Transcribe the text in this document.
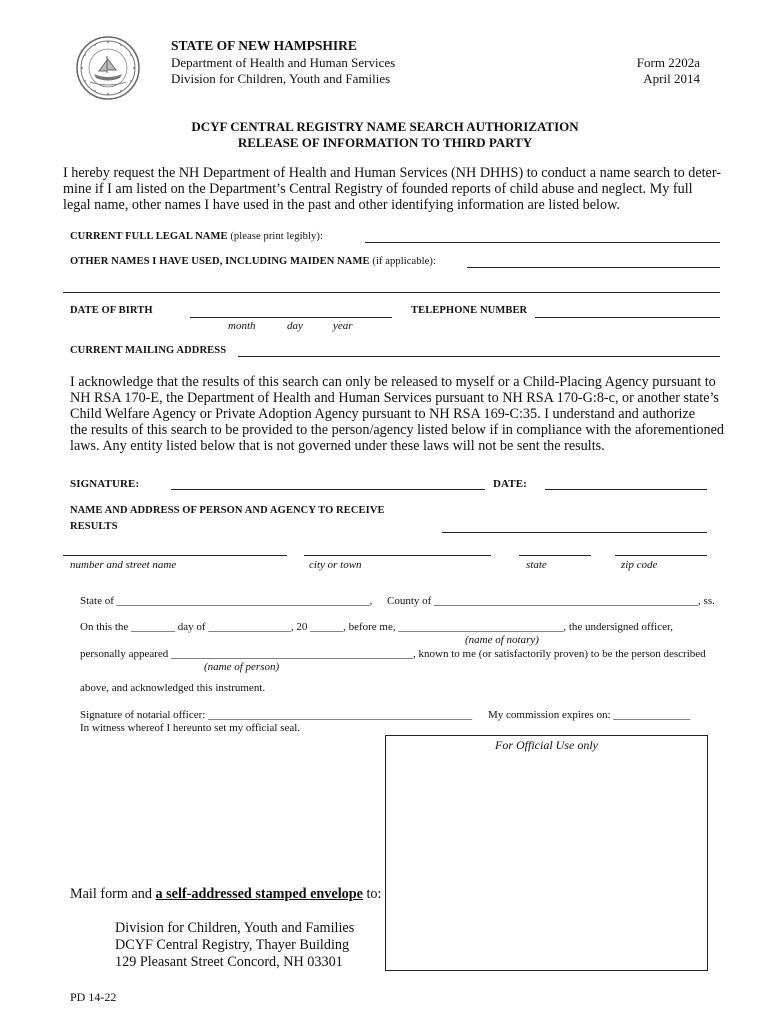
STATE OF NEW HAMPSHIRE
Department of Health and Human Services
Division for Children, Youth and Families
Form 2202a
April 2014
DCYF CENTRAL REGISTRY NAME SEARCH AUTHORIZATION
RELEASE OF INFORMATION TO THIRD PARTY
I hereby request the NH Department of Health and Human Services (NH DHHS) to conduct a name search to deter-
mine if I am listed on the Department’s Central Registry of founded reports of child abuse and neglect. My full
legal name, other names I have used in the past and other identifying information are listed below.
CURRENT FULL LEGAL NAME (please print legibly):
OTHER NAMES I HAVE USED, INCLUDING MAIDEN NAME (if applicable):
DATE OF BIRTH
month	day	year
TELEPHONE NUMBER
CURRENT MAILING ADDRESS
I acknowledge that the results of this search can only be released to myself or a Child-Placing Agency pursuant to
NH RSA 170-E, the Department of Health and Human Services pursuant to NH RSA 170-G:8-c, or another state’s
Child Welfare Agency or Private Adoption Agency pursuant to NH RSA 169-C:35. I understand and authorize
the results of this search to be provided to the person/agency listed below if in compliance with the aforementioned
laws. Any entity listed below that is not governed under these laws will not be sent the results.
SIGNATURE:	DATE:
NAME AND ADDRESS OF PERSON AND AGENCY TO RECEIVE
RESULTS
number and street name	city or town	state	zip code
State of ______________________________________________, County of ________________________________________________, ss.
On this the ________ day of _______________, 20 ______, before me, ______________________________, the undersigned officer,
(name of notary)
personally appeared ____________________________________________, known to me (or satisfactorily proven) to be the person described
(name of person)
above, and acknowledged this instrument.
Signature of notarial officer: ________________________________________________ My commission expires on: ______________
In witness whereof I hereunto set my official seal.
For Official Use only
Mail form and a self-addressed stamped envelope to:
Division for Children, Youth and Families
DCYF Central Registry, Thayer Building
129 Pleasant Street Concord, NH 03301
PD 14-22
